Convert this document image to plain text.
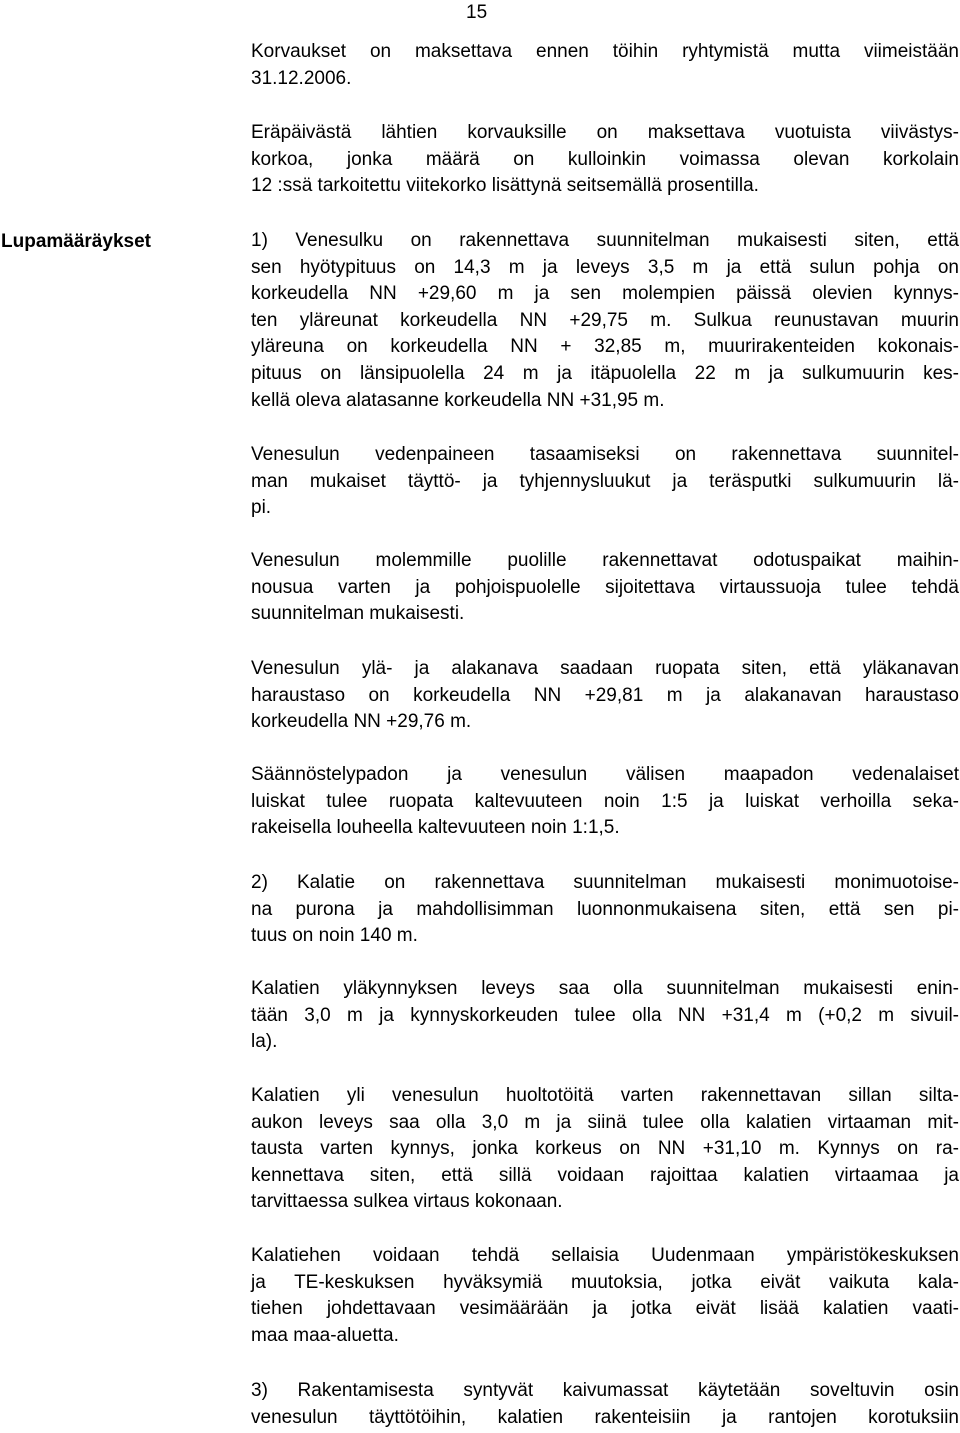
15
Lupamääräykset
Korvaukset on maksettava ennen töihin ryhtymistä mutta viimeistään
31.12.2006.
Eräpäivästä lähtien korvauksille on maksettava vuotuista viivästys-
korkoa, jonka määrä on kulloinkin voimassa olevan korkolain
12 :ssä tarkoitettu viitekorko lisättynä seitsemällä prosentilla.
1) Venesulku on rakennettava suunnitelman mukaisesti siten, että
sen hyötypituus on 14,3 m ja leveys 3,5 m ja että sulun pohja on
korkeudella NN +29,60 m ja sen molempien päissä olevien kynnys-
ten yläreunat korkeudella NN +29,75 m. Sulkua reunustavan muurin
yläreuna on korkeudella NN + 32,85 m, muurirakenteiden kokonais-
pituus on länsipuolella 24 m ja itäpuolella 22 m ja sulkumuurin kes-
kellä oleva alatasanne korkeudella NN +31,95 m.
Venesulun vedenpaineen tasaamiseksi on rakennettava suunnitel-
man mukaiset täyttö- ja tyhjennysluukut ja teräsputki sulkumuurin lä-
pi.
Venesulun molemmille puolille rakennettavat odotuspaikat maihin-
nousua varten ja pohjoispuolelle sijoitettava virtaussuoja tulee tehdä
suunnitelman mukaisesti.
Venesulun ylä- ja alakanava saadaan ruopata siten, että yläkanavan
haraustaso on korkeudella NN +29,81 m ja alakanavan haraustaso
korkeudella NN +29,76 m.
Säännöstelypadon ja venesulun välisen maapadon vedenalaiset
luiskat tulee ruopata kaltevuuteen noin 1:5 ja luiskat verhoilla seka-
rakeisella louheella kaltevuuteen noin 1:1,5.
2) Kalatie on rakennettava suunnitelman mukaisesti monimuotoise-
na purona ja mahdollisimman luonnonmukaisena siten, että sen pi-
tuus on noin 140 m.
Kalatien yläkynnyksen leveys saa olla suunnitelman mukaisesti enin-
tään 3,0 m ja kynnyskorkeuden tulee olla NN +31,4 m (+0,2 m sivuil-
la).
Kalatien yli venesulun huoltotöitä varten rakennettavan sillan silta-
aukon leveys saa olla 3,0 m ja siinä tulee olla kalatien virtaaman mit-
tausta varten kynnys, jonka korkeus on NN +31,10 m. Kynnys on ra-
kennettava siten, että sillä voidaan rajoittaa kalatien virtaamaa ja
tarvittaessa sulkea virtaus kokonaan.
Kalatiehen voidaan tehdä sellaisia Uudenmaan ympäristökeskuksen
ja TE-keskuksen hyväksymiä muutoksia, jotka eivät vaikuta kala-
tiehen johdettavaan vesimäärään ja jotka eivät lisää kalatien vaati-
maa maa-aluetta.
3) Rakentamisesta syntyvät kaivumassat käytetään soveltuvin osin
venesulun täyttötöihin, kalatien rakenteisiin ja rantojen korotuksiin
